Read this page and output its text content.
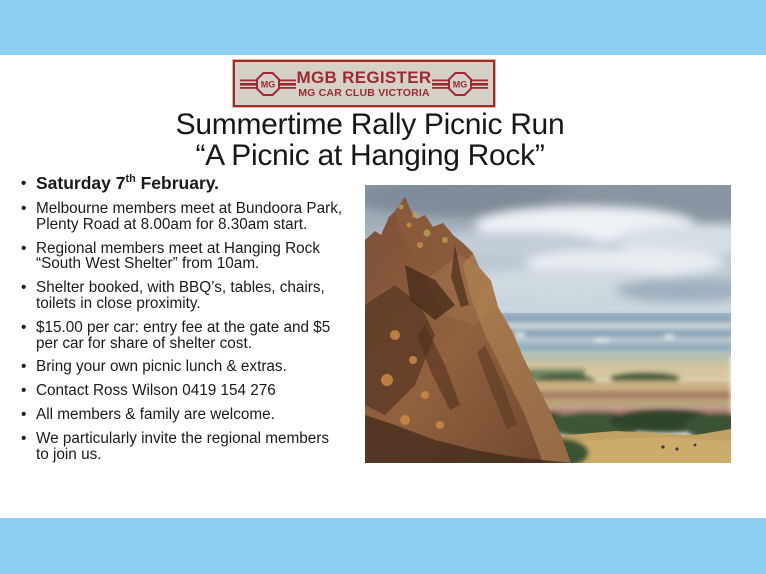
MG MGB REGISTER
MG CAR CLUB VICTORIA
MG
Summertime Rally Picnic Run
“A Picnic at Hanging Rock”
• Saturday 7th February.
• Melbourne members meet at Bundoora Park,
Plenty Road at 8.00am for 8.30am start.
• Regional members meet at Hanging Rock
“South West Shelter” from 10am.
• Shelter booked, with BBQ’s, tables, chairs,
toilets in close proximity.
• $15.00 per car: entry fee at the gate and $5
per car for share of shelter cost.
• Bring your own picnic lunch & extras.
• Contact Ross Wilson 0419 154 276
• All members & family are welcome.
• We particularly invite the regional members
to join us.
